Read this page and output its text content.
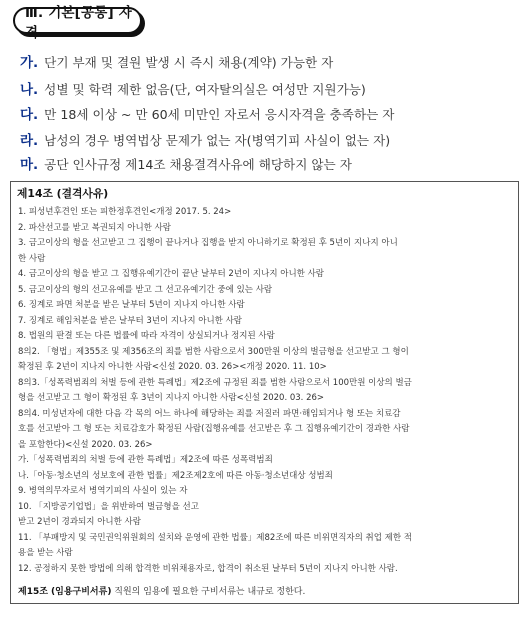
Ⅲ. 기본[공통] 자격
가. 단기 부재 및 결원 발생 시 즉시 채용(계약) 가능한 자
나. 성별 및 학력 제한 없음(단, 여자탈의실은 여성만 지원가능)
다. 만 18세 이상 ~ 만 60세 미만인 자로서 응시자격을 충족하는 자
라. 남성의 경우 병역법상 문제가 없는 자(병역기피 사실이 없는 자)
마. 공단 인사규정 제14조 채용결격사유에 해당하지 않는 자
제14조 (결격사유)
1. 피성년후견인 또는 피한정후견인<개정 2017. 5. 24>
2. 파산선고를 받고 복권되지 아니한 사람
3. 금고이상의 형을 선고받고 그 집행이 끝나거나 집행을 받지 아니하기로 확정된 후 5년이 지나지 아니
한 사람
4. 금고이상의 형을 받고 그 집행유예기간이 끝난 날부터 2년이 지나지 아니한 사람
5. 금고이상의 형의 선고유예를 받고 그 선고유예기간 중에 있는 사람
6. 징계로 파면 처분을 받은 날부터 5년이 지나지 아니한 사람
7. 징계로 해임처분을 받은 날부터 3년이 지나지 아니한 사람
8. 법원의 판결 또는 다른 법률에 따라 자격이 상실되거나 정지된 사람
8의2. 「형법」제355조 및 제356조의 죄를 범한 사람으로서 300만원 이상의 벌금형을 선고받고 그 형이
확정된 후 2년이 지나지 아니한 사람<신설 2020. 03. 26><개정 2020. 11. 10>
8의3.「성폭력범죄의 처벌 등에 관한 특례법」제2조에 규정된 죄를 범한 사람으로서 100만원 이상의 벌금
형을 선고받고 그 형이 확정된 후 3년이 지나지 아니한 사람<신설 2020. 03. 26>
8의4. 미성년자에 대한 다음 각 목의 어느 하나에 해당하는 죄를 저질러 파면·해임되거나 형 또는 치료감
호를 선고받아 그 형 또는 치료감호가 확정된 사람(집행유예를 선고받은 후 그 집행유예기간이 경과한 사람
을 포함한다)<신설 2020. 03. 26>
가.「성폭력범죄의 처벌 등에 관한 특례법」제2조에 따른 성폭력범죄
나.「아동·청소년의 성보호에 관한 법률」제2조제2호에 따른 아동·청소년대상 성범죄
9. 병역의무자로서 병역기피의 사실이 있는 자
10. 「지방공기업법」을 위반하여 벌금형을 선고
받고 2년이 경과되지 아니한 사람
11. 「부패방지 및 국민권익위원회의 설치와 운영에 관한 법률」제82조에 따른 비위면직자의 취업 제한 적
용을 받는 사람
12. 공정하지 못한 방법에 의해 합격한 비위채용자로, 합격이 취소된 날부터 5년이 지나지 아니한 사람.
제15조 (임용구비서류) 직원의 임용에 필요한 구비서류는 내규로 정한다.
